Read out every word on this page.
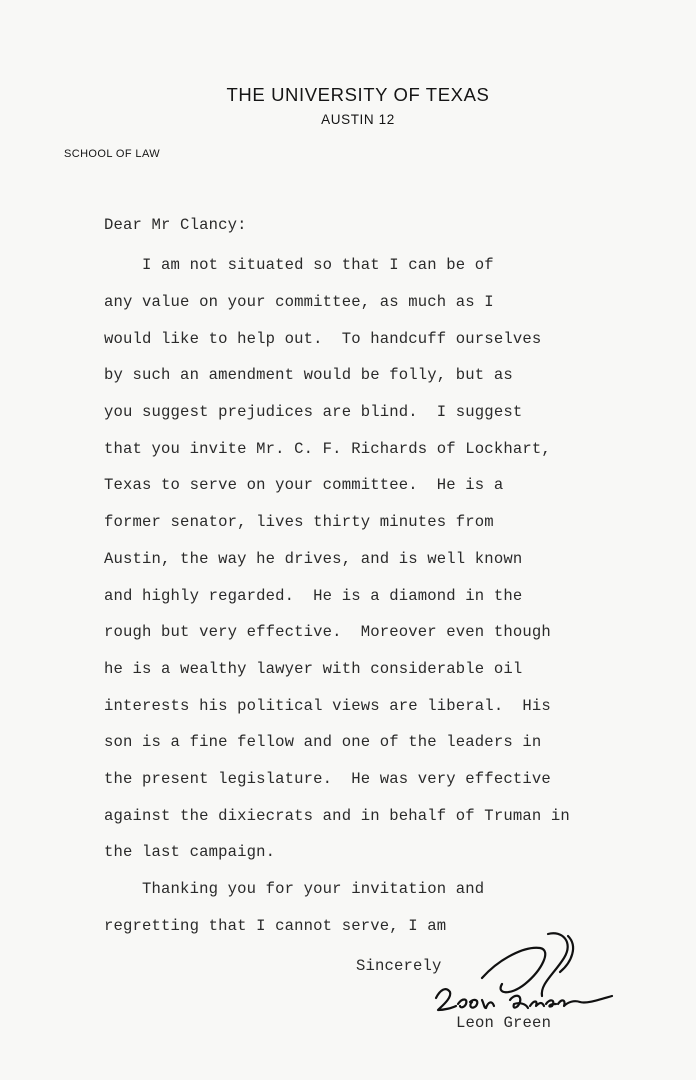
THE UNIVERSITY OF TEXAS
AUSTIN 12
SCHOOL OF LAW
Dear Mr Clancy:
I am not situated so that I can be of
any value on your committee, as much as I
would like to help out.  To handcuff ourselves
by such an amendment would be folly, but as
you suggest prejudices are blind.  I suggest
that you invite Mr. C. F. Richards of Lockhart,
Texas to serve on your committee.  He is a
former senator, lives thirty minutes from
Austin, the way he drives, and is well known
and highly regarded.  He is a diamond in the
rough but very effective.  Moreover even though
he is a wealthy lawyer with considerable oil
interests his political views are liberal.  His
son is a fine fellow and one of the leaders in
the present legislature.  He was very effective
against the dixiecrats and in behalf of Truman in
the last campaign.
Thanking you for your invitation and
regretting that I cannot serve, I am
Sincerely
Leon Green
